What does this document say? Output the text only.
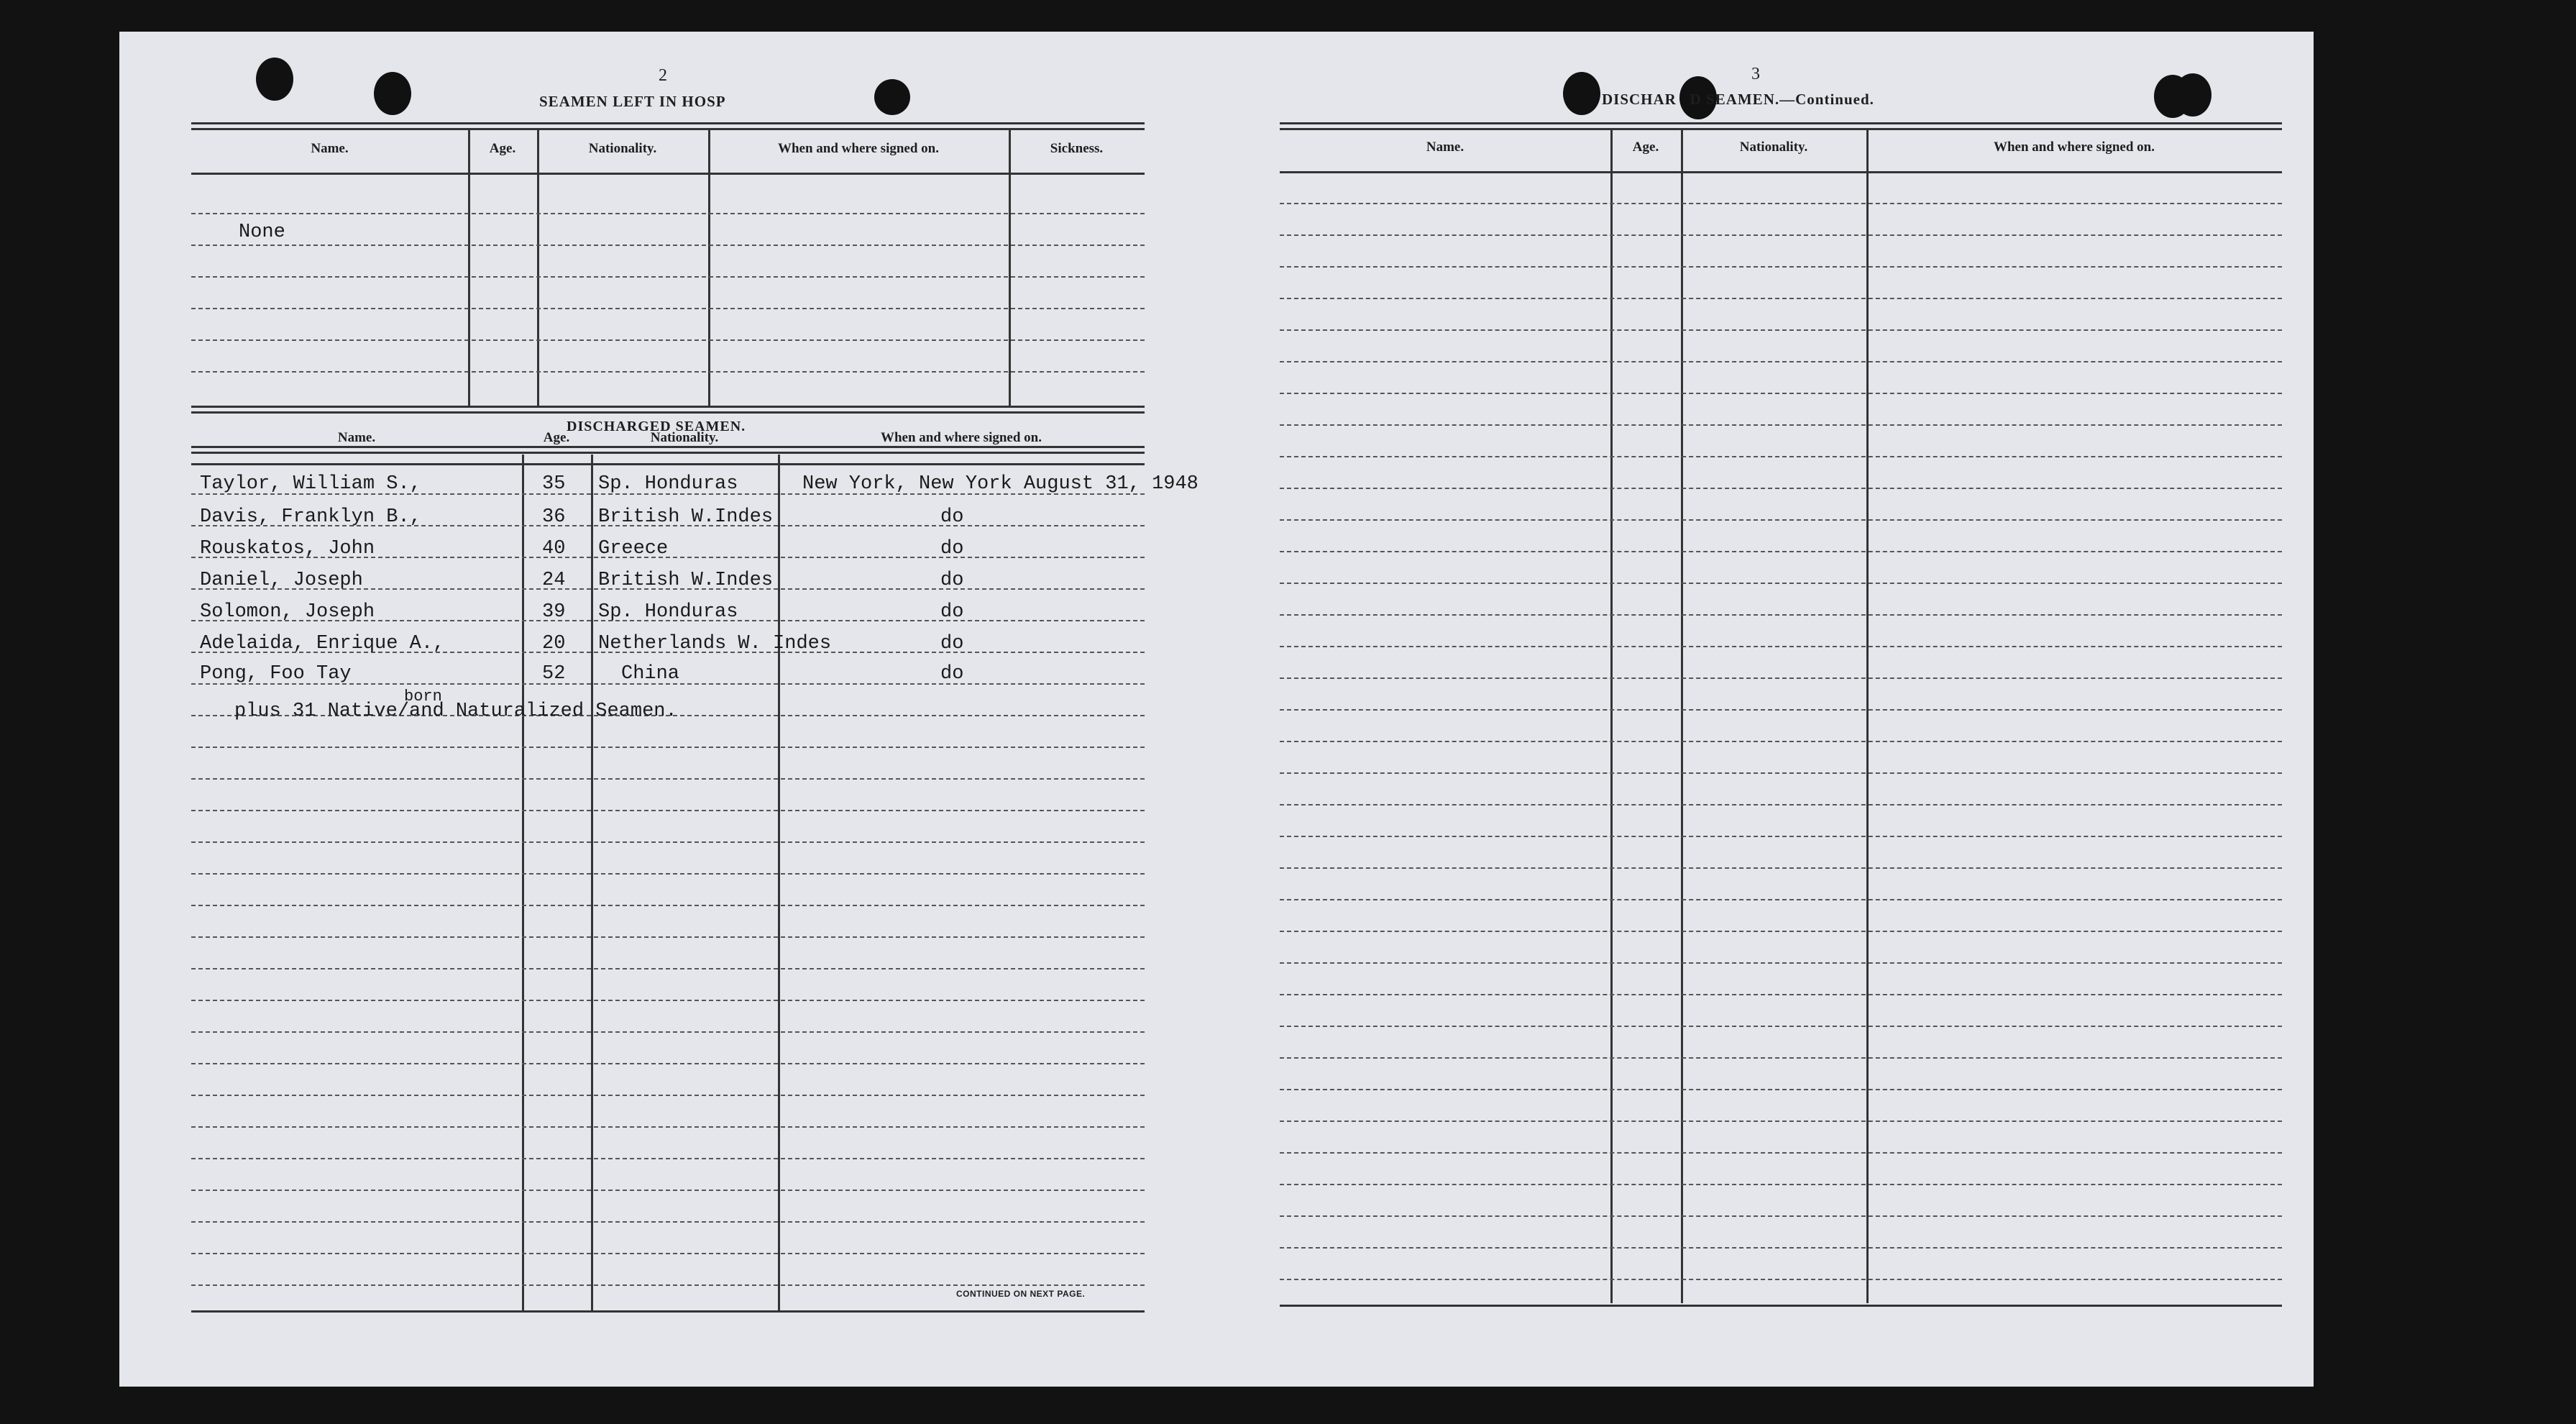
2
SEAMEN LEFT IN HOSP
Name.	Age.	Nationality.	When and where signed on.	Sickness.
None
DISCHARGED SEAMEN.
Name.	Age.	Nationality.	When and where signed on.
Taylor, William S.,	35 Sp. Honduras	New York, New York August 31, 1948
Davis, Franklyn B.,	36 British W.Indes	do
Rouskatos, John	40 Greece	do
Daniel, Joseph	24 British W.Indes	do
Solomon, Joseph	39 Sp. Honduras	do
Adelaida, Enrique A.,	20 Netherlands W. Indes	do
Pong, Foo Tay	52	China	do
born
plus 31 Native/and Naturalized Seamen.
CONTINUED ON NEXT PAGE.
3
DISCHAR   D SEAMEN.—Continued.
Name.	Age.	Nationality.	When and where signed on.
